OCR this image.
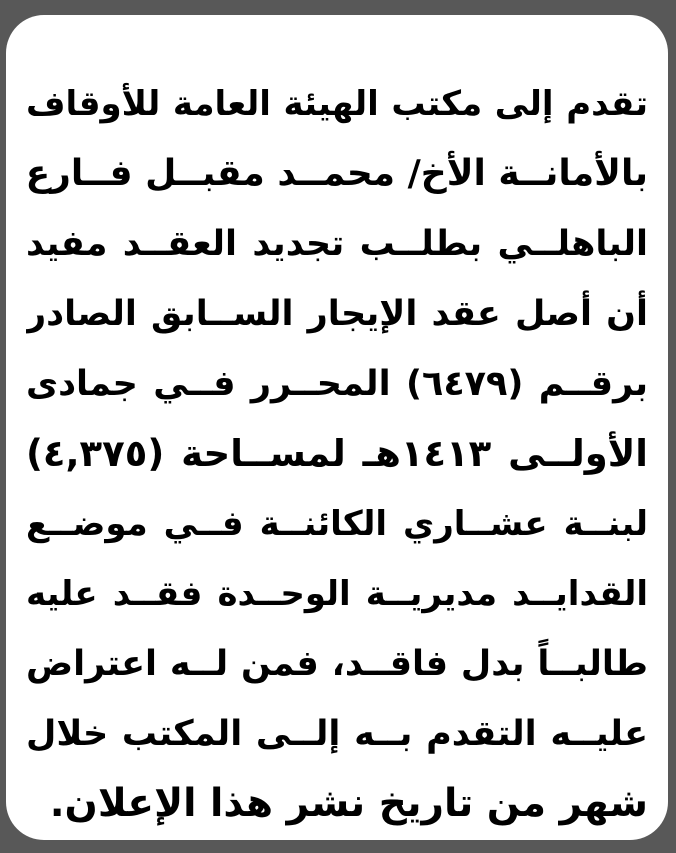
تقدم إلى مكتب الهيئة العامة للأوقاف
بالأمانــة الأخ/ محمــد مقبــل فــارع
الباهلــي بطلــب تجديد العقــد مفيد
أن أصل عقد الإيجار الســابق الصادر
برقــم (٦٤٧٩) المحــرر فــي جمادى
الأولــى ١٤١٣هـ لمســاحة (٤,٣٧٥)
لبنــة عشــاري الكائنــة فــي موضــع
القدايــد مديريــة الوحــدة فقــد عليه
طالبــاً بدل فاقــد، فمن لــه اعتراض
عليــه التقدم بــه إلــى المكتب خلال
شهر من تاريخ نشر هذا الإعلان.
